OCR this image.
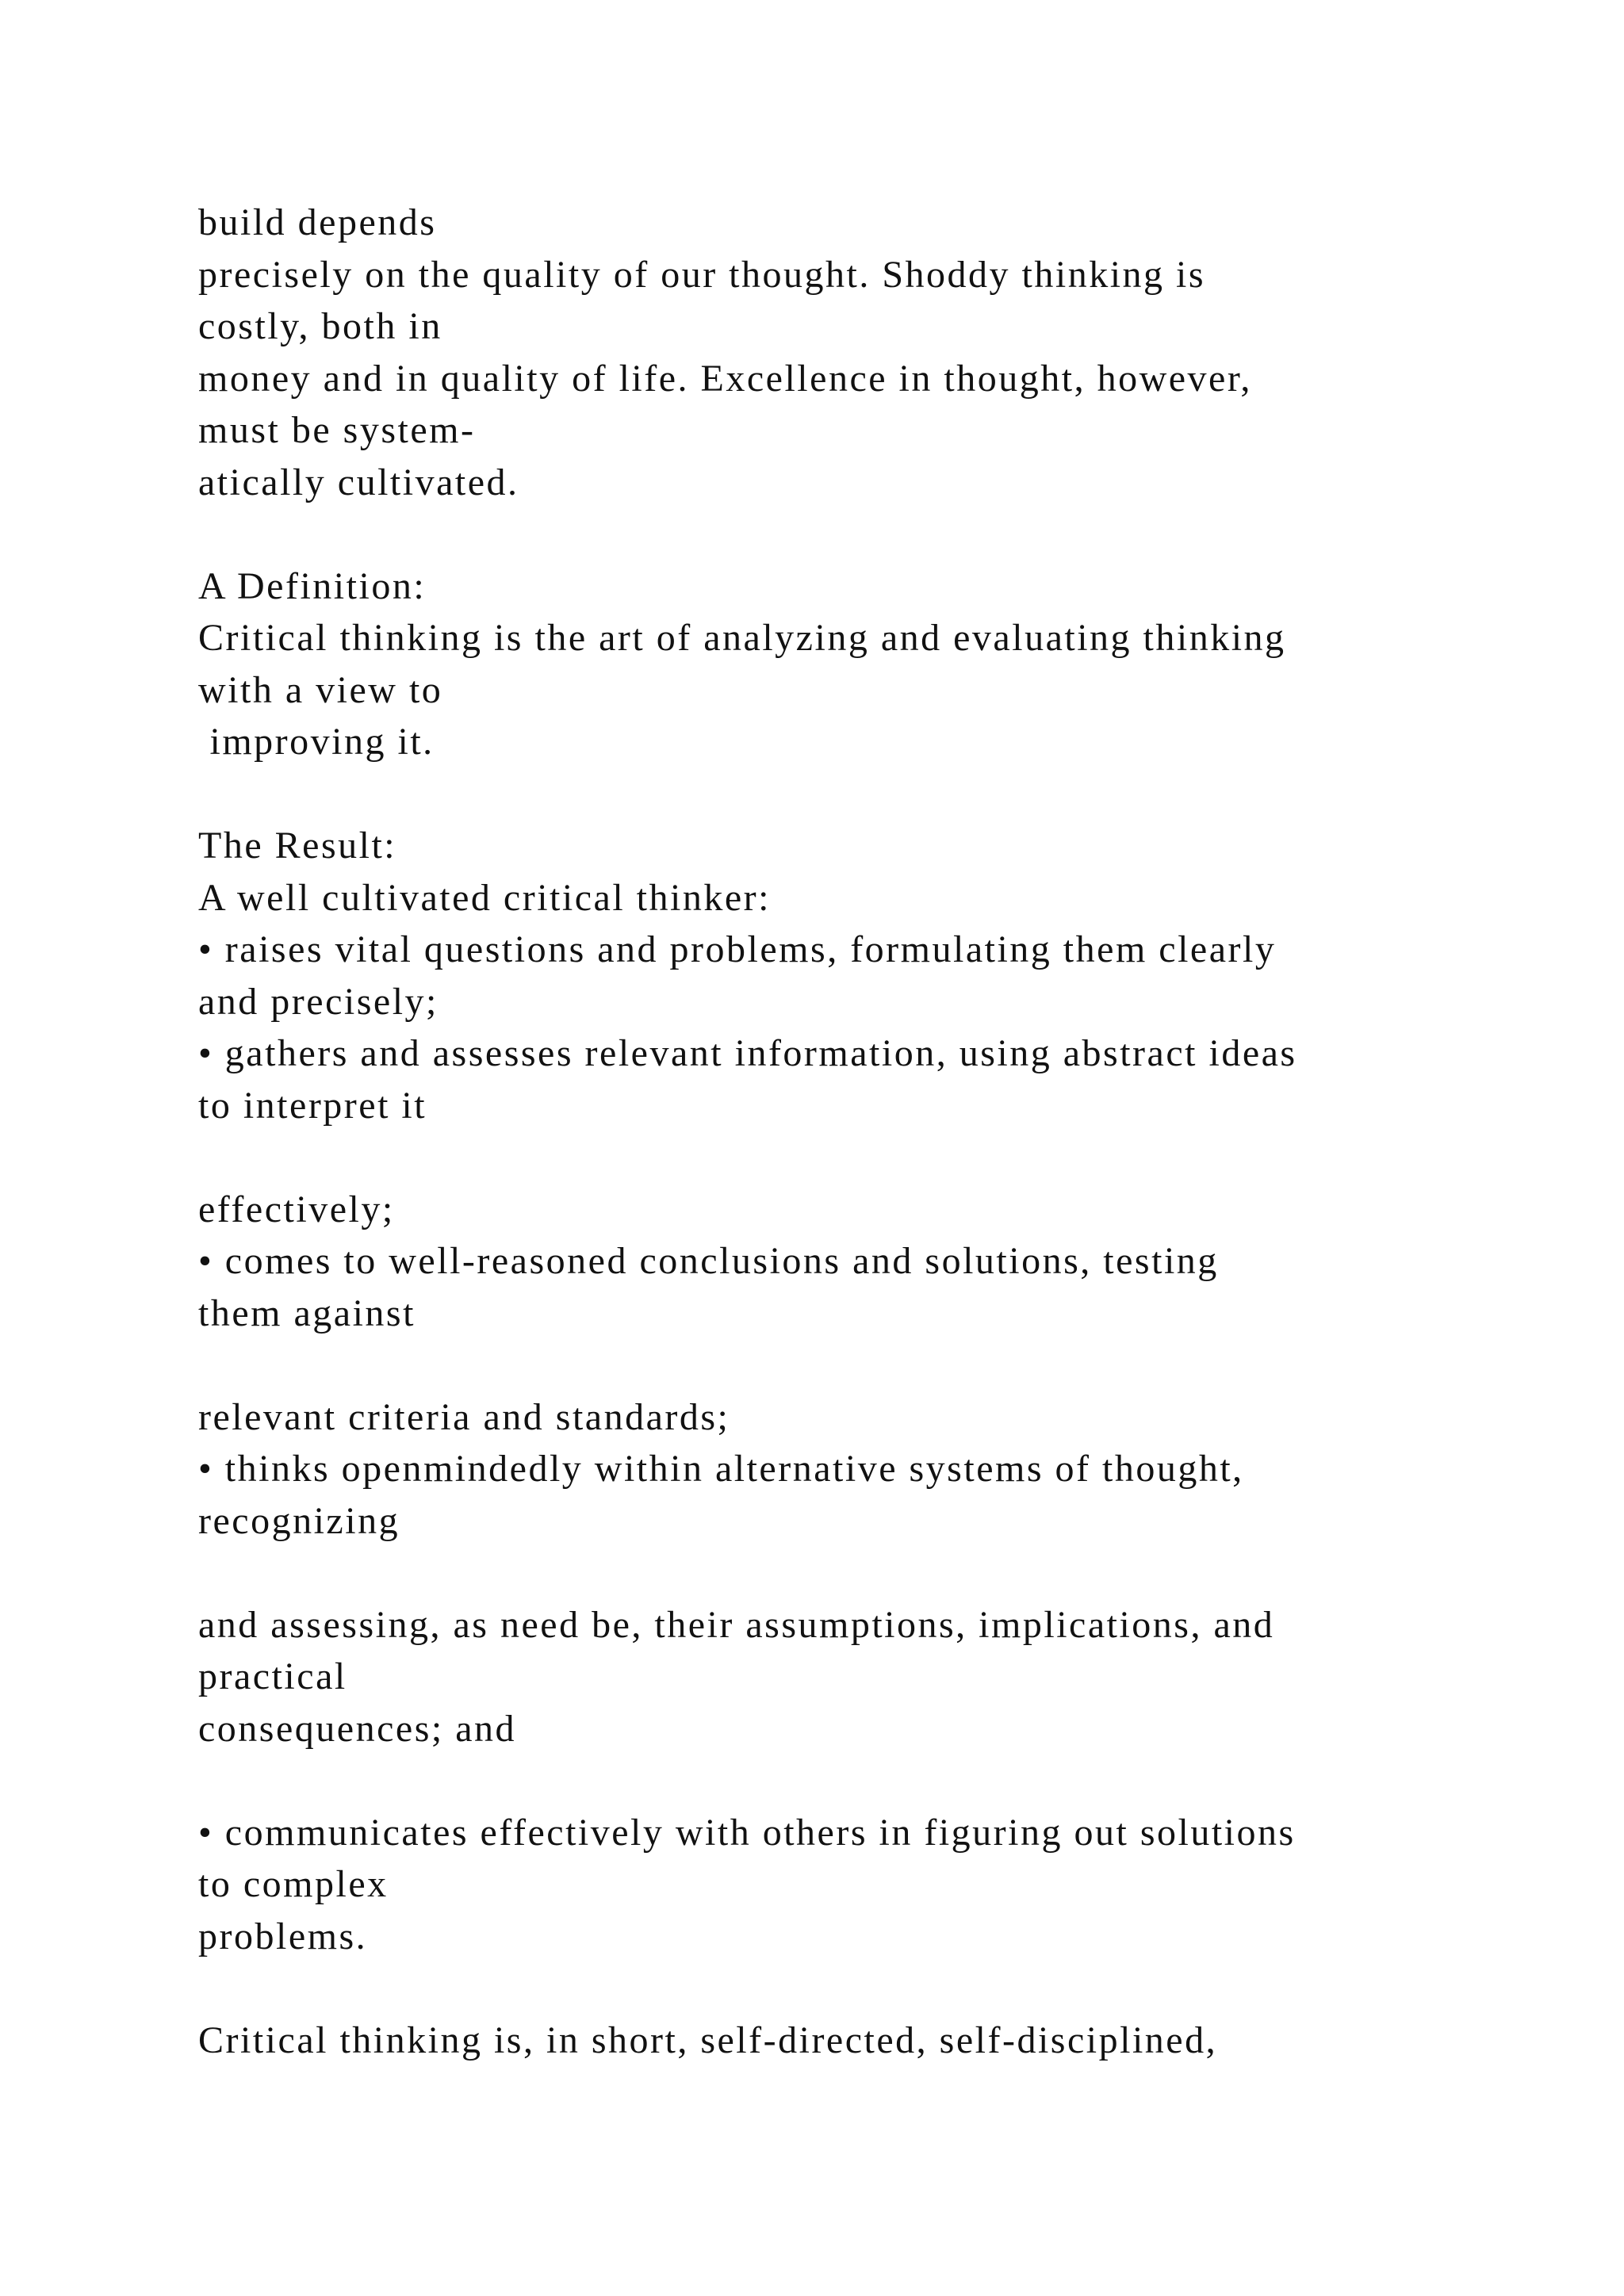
build depends
precisely on the quality of our thought. Shoddy thinking is
costly, both in
money and in quality of life. Excellence in thought, however,
must be system-
atically cultivated.
A Definition:
Critical thinking is the art of analyzing and evaluating thinking
with a view to
improving it.
The Result:
A well cultivated critical thinker:
• raises vital questions and problems, formulating them clearly
and precisely;
• gathers and assesses relevant information, using abstract ideas
to interpret it
effectively;
• comes to well-reasoned conclusions and solutions, testing
them against
relevant criteria and standards;
• thinks openmindedly within alternative systems of thought,
recognizing
and assessing, as need be, their assumptions, implications, and
practical
consequences; and
• communicates effectively with others in figuring out solutions
to complex
problems.
Critical thinking is, in short, self-directed, self-disciplined,
